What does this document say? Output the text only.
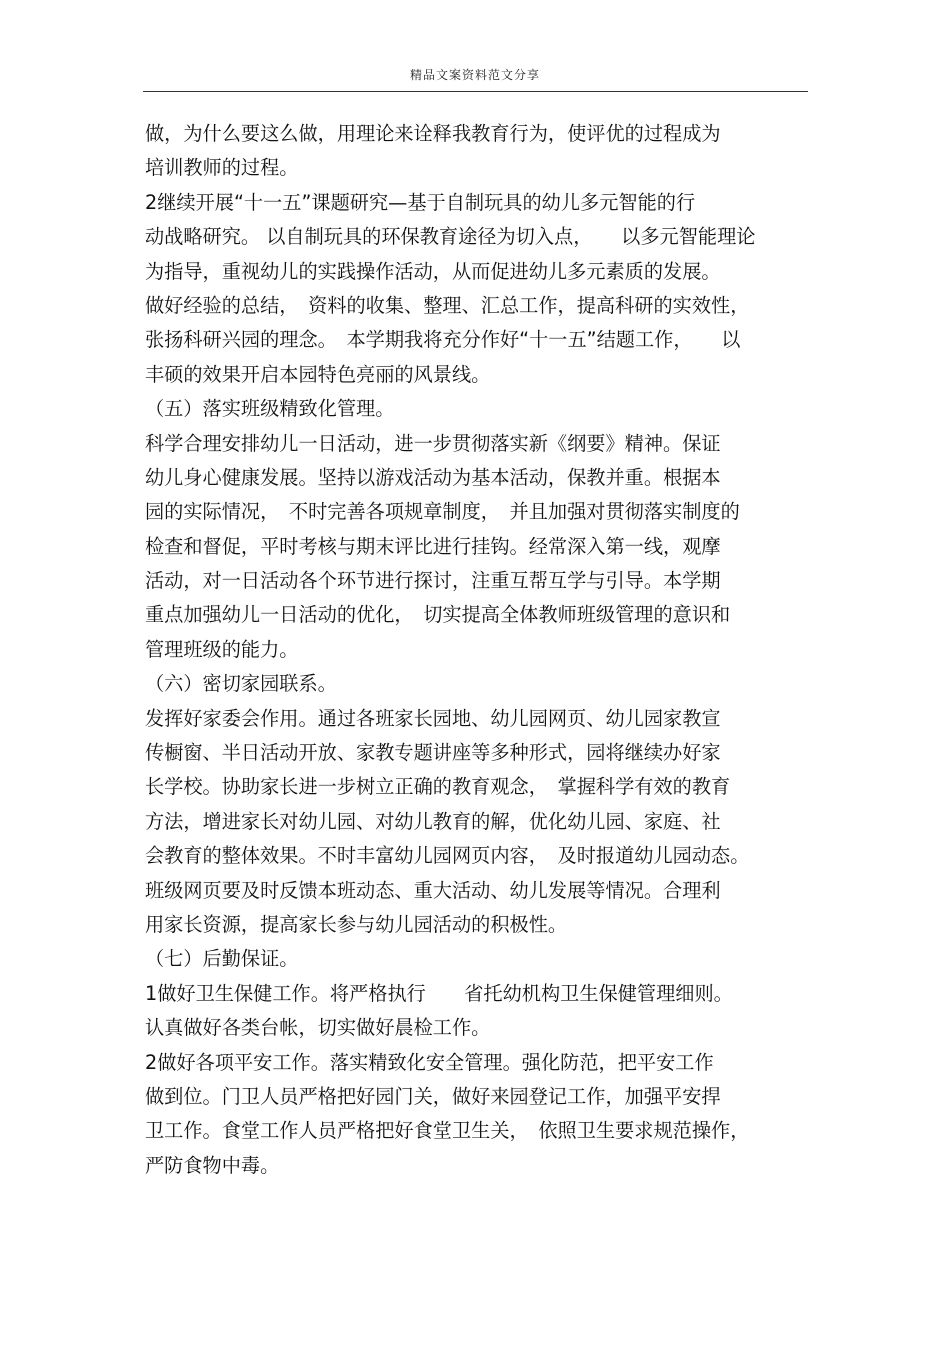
精品文案资料范文分享
做，为什么要这么做，用理论来诠释我教育行为，使评优的过程成为
培训教师的过程。
2继续开展“十一五”课题研究—基于自制玩具的幼儿多元智能的行
动战略研究。 以自制玩具的环保教育途径为切入点，　　以多元智能理论
为指导，重视幼儿的实践操作活动，从而促进幼儿多元素质的发展。
做好经验的总结，　资料的收集、整理、汇总工作，提高科研的实效性，
张扬科研兴园的理念。　本学期我将充分作好“十一五”结题工作，　　以
丰硕的效果开启本园特色亮丽的风景线。
（五）落实班级精致化管理。
科学合理安排幼儿一日活动，进一步贯彻落实新《纲要》精神。保证
幼儿身心健康发展。坚持以游戏活动为基本活动，保教并重。根据本
园的实际情况，　不时完善各项规章制度，　并且加强对贯彻落实制度的
检查和督促，平时考核与期末评比进行挂钩。经常深入第一线，观摩
活动，对一日活动各个环节进行探讨，注重互帮互学与引导。本学期
重点加强幼儿一日活动的优化，　切实提高全体教师班级管理的意识和
管理班级的能力。
（六）密切家园联系。
发挥好家委会作用。通过各班家长园地、幼儿园网页、幼儿园家教宣
传橱窗、半日活动开放、家教专题讲座等多种形式，园将继续办好家
长学校。协助家长进一步树立正确的教育观念，　掌握科学有效的教育
方法，增进家长对幼儿园、对幼儿教育的解，优化幼儿园、家庭、社
会教育的整体效果。不时丰富幼儿园网页内容，　及时报道幼儿园动态。
班级网页要及时反馈本班动态、重大活动、幼儿发展等情况。合理利
用家长资源，提高家长参与幼儿园活动的积极性。
（七）后勤保证。
1做好卫生保健工作。将严格执行　　省托幼机构卫生保健管理细则。
认真做好各类台帐，切实做好晨检工作。
2做好各项平安工作。落实精致化安全管理。强化防范，把平安工作
做到位。门卫人员严格把好园门关，做好来园登记工作，加强平安捍
卫工作。食堂工作人员严格把好食堂卫生关，　依照卫生要求规范操作，
严防食物中毒。
